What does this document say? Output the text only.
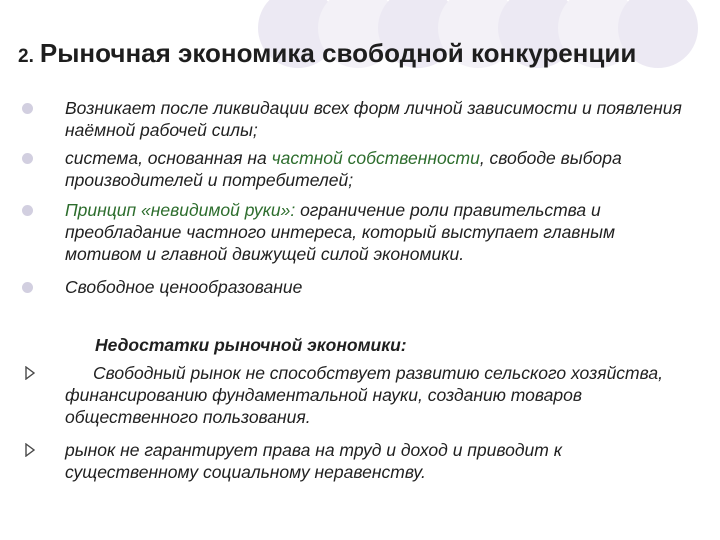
2. Рыночная экономика свободной конкуренции
Возникает после ликвидации всех форм личной зависимости и появления наёмной рабочей силы;
система, основанная на частной собственности, свободе выбора производителей и потребителей;
Принцип «невидимой руки»: ограничение роли правительства и преобладание частного интереса, который выступает главным мотивом и главной движущей силой экономики.
Свободное ценообразование
Недостатки рыночной экономики:
Свободный рынок не способствует развитию сельского хозяйства, финансированию фундаментальной науки, созданию товаров общественного пользования.
рынок не гарантирует права на труд и доход и приводит к существенному социальному неравенству.
